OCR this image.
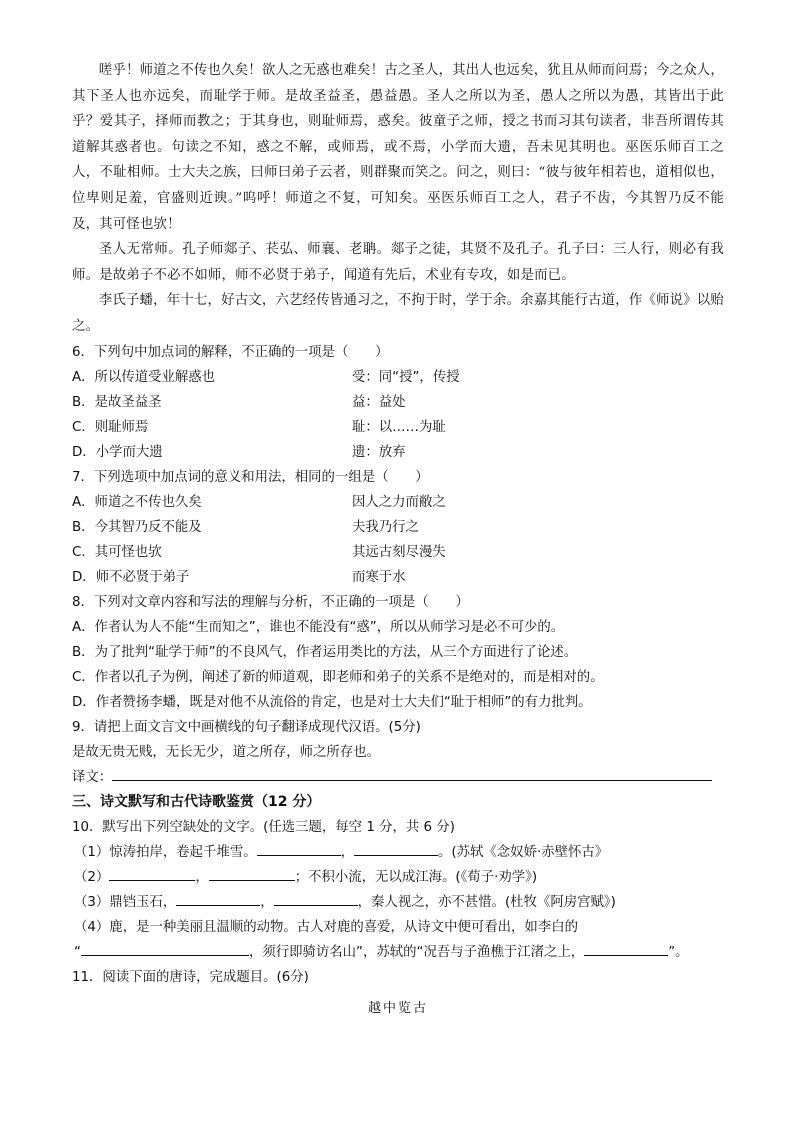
嗟乎！师道之不传也久矣！欲人之无惑也难矣！古之圣人，其出人也远矣，犹且从师而问焉；今之众人，其下圣人也亦远矣，而耻学于师。是故圣益圣，愚益愚。圣人之所以为圣，愚人之所以为愚，其皆出于此乎？爱其子，择师而教之；于其身也，则耻师焉，惑矣。彼童子之师，授之书而习其句读者，非吾所谓传其道解其惑者也。句读之不知，惑之不解，或师焉，或不焉，小学而大遗，吾未见其明也。巫医乐师百工之人，不耻相师。士大夫之族，曰师曰弟子云者，则群聚而笑之。问之，则曰：“彼与彼年相若也，道相似也，位卑则足羞，官盛则近谀。”呜呼！师道之不复，可知矣。巫医乐师百工之人，君子不齿，今其智乃反不能及，其可怪也欤！

圣人无常师。孔子师郯子、苌弘、师襄、老聃。郯子之徒，其贤不及孔子。孔子曰：三人行，则必有我师。是故弟子不必不如师，师不必贤于弟子，闻道有先后，术业有专攻，如是而已。

李氏子蟠，年十七，好古文，六艺经传皆通习之，不拘于时，学于余。余嘉其能行古道，作《师说》以贻之。

6．下列句中加点词的解释，不正确的一项是（　　）
A．所以传道受业解惑也	受：同“授”，传授
B．是故圣益圣	益：益处
C．则耻师焉	耻：以……为耻
D．小学而大遗	遗：放弃
7．下列选项中加点词的意义和用法，相同的一组是（　　）
A．师道之不传也久矣	因人之力而敝之
B．今其智乃反不能及	夫我乃行之
C．其可怪也欤	其远古刻尽漫失
D．师不必贤于弟子	而寒于水
8．下列对文章内容和写法的理解与分析，不正确的一项是（　　）
A．作者认为人不能“生而知之”，谁也不能没有“惑”，所以从师学习是必不可少的。
B．为了批判“耻学于师”的不良风气，作者运用类比的方法，从三个方面进行了论述。
C．作者以孔子为例，阐述了新的师道观，即老师和弟子的关系不是绝对的，而是相对的。
D．作者赞扬李蟠，既是对他不从流俗的肯定，也是对士大夫们“耻于相师”的有力批判。
9．请把上面文言文中画横线的句子翻译成现代汉语。(5分)
是故无贵无贱，无长无少，道之所存，师之所存也。
译文：
三、诗文默写和古代诗歌鉴赏（12 分）
10．默写出下列空缺处的文字。(任选三题，每空 1 分，共 6 分)
（1）惊涛拍岸，卷起千堆雪。	，	。(苏轼《念奴娇·赤壁怀古》
（2）	，	；不积小流，无以成江海。(《荀子·劝学》)
（3）鼎铛玉石，	，	，秦人视之，亦不甚惜。(杜牧《阿房宫赋》)
（4）鹿，是一种美丽且温顺的动物。古人对鹿的喜爱，从诗文中便可看出，如李白的
“	，须行即骑访名山”，苏轼的“况吾与子渔樵于江渚之上，	”。
11．阅读下面的唐诗，完成题目。(6分)
越中览古
